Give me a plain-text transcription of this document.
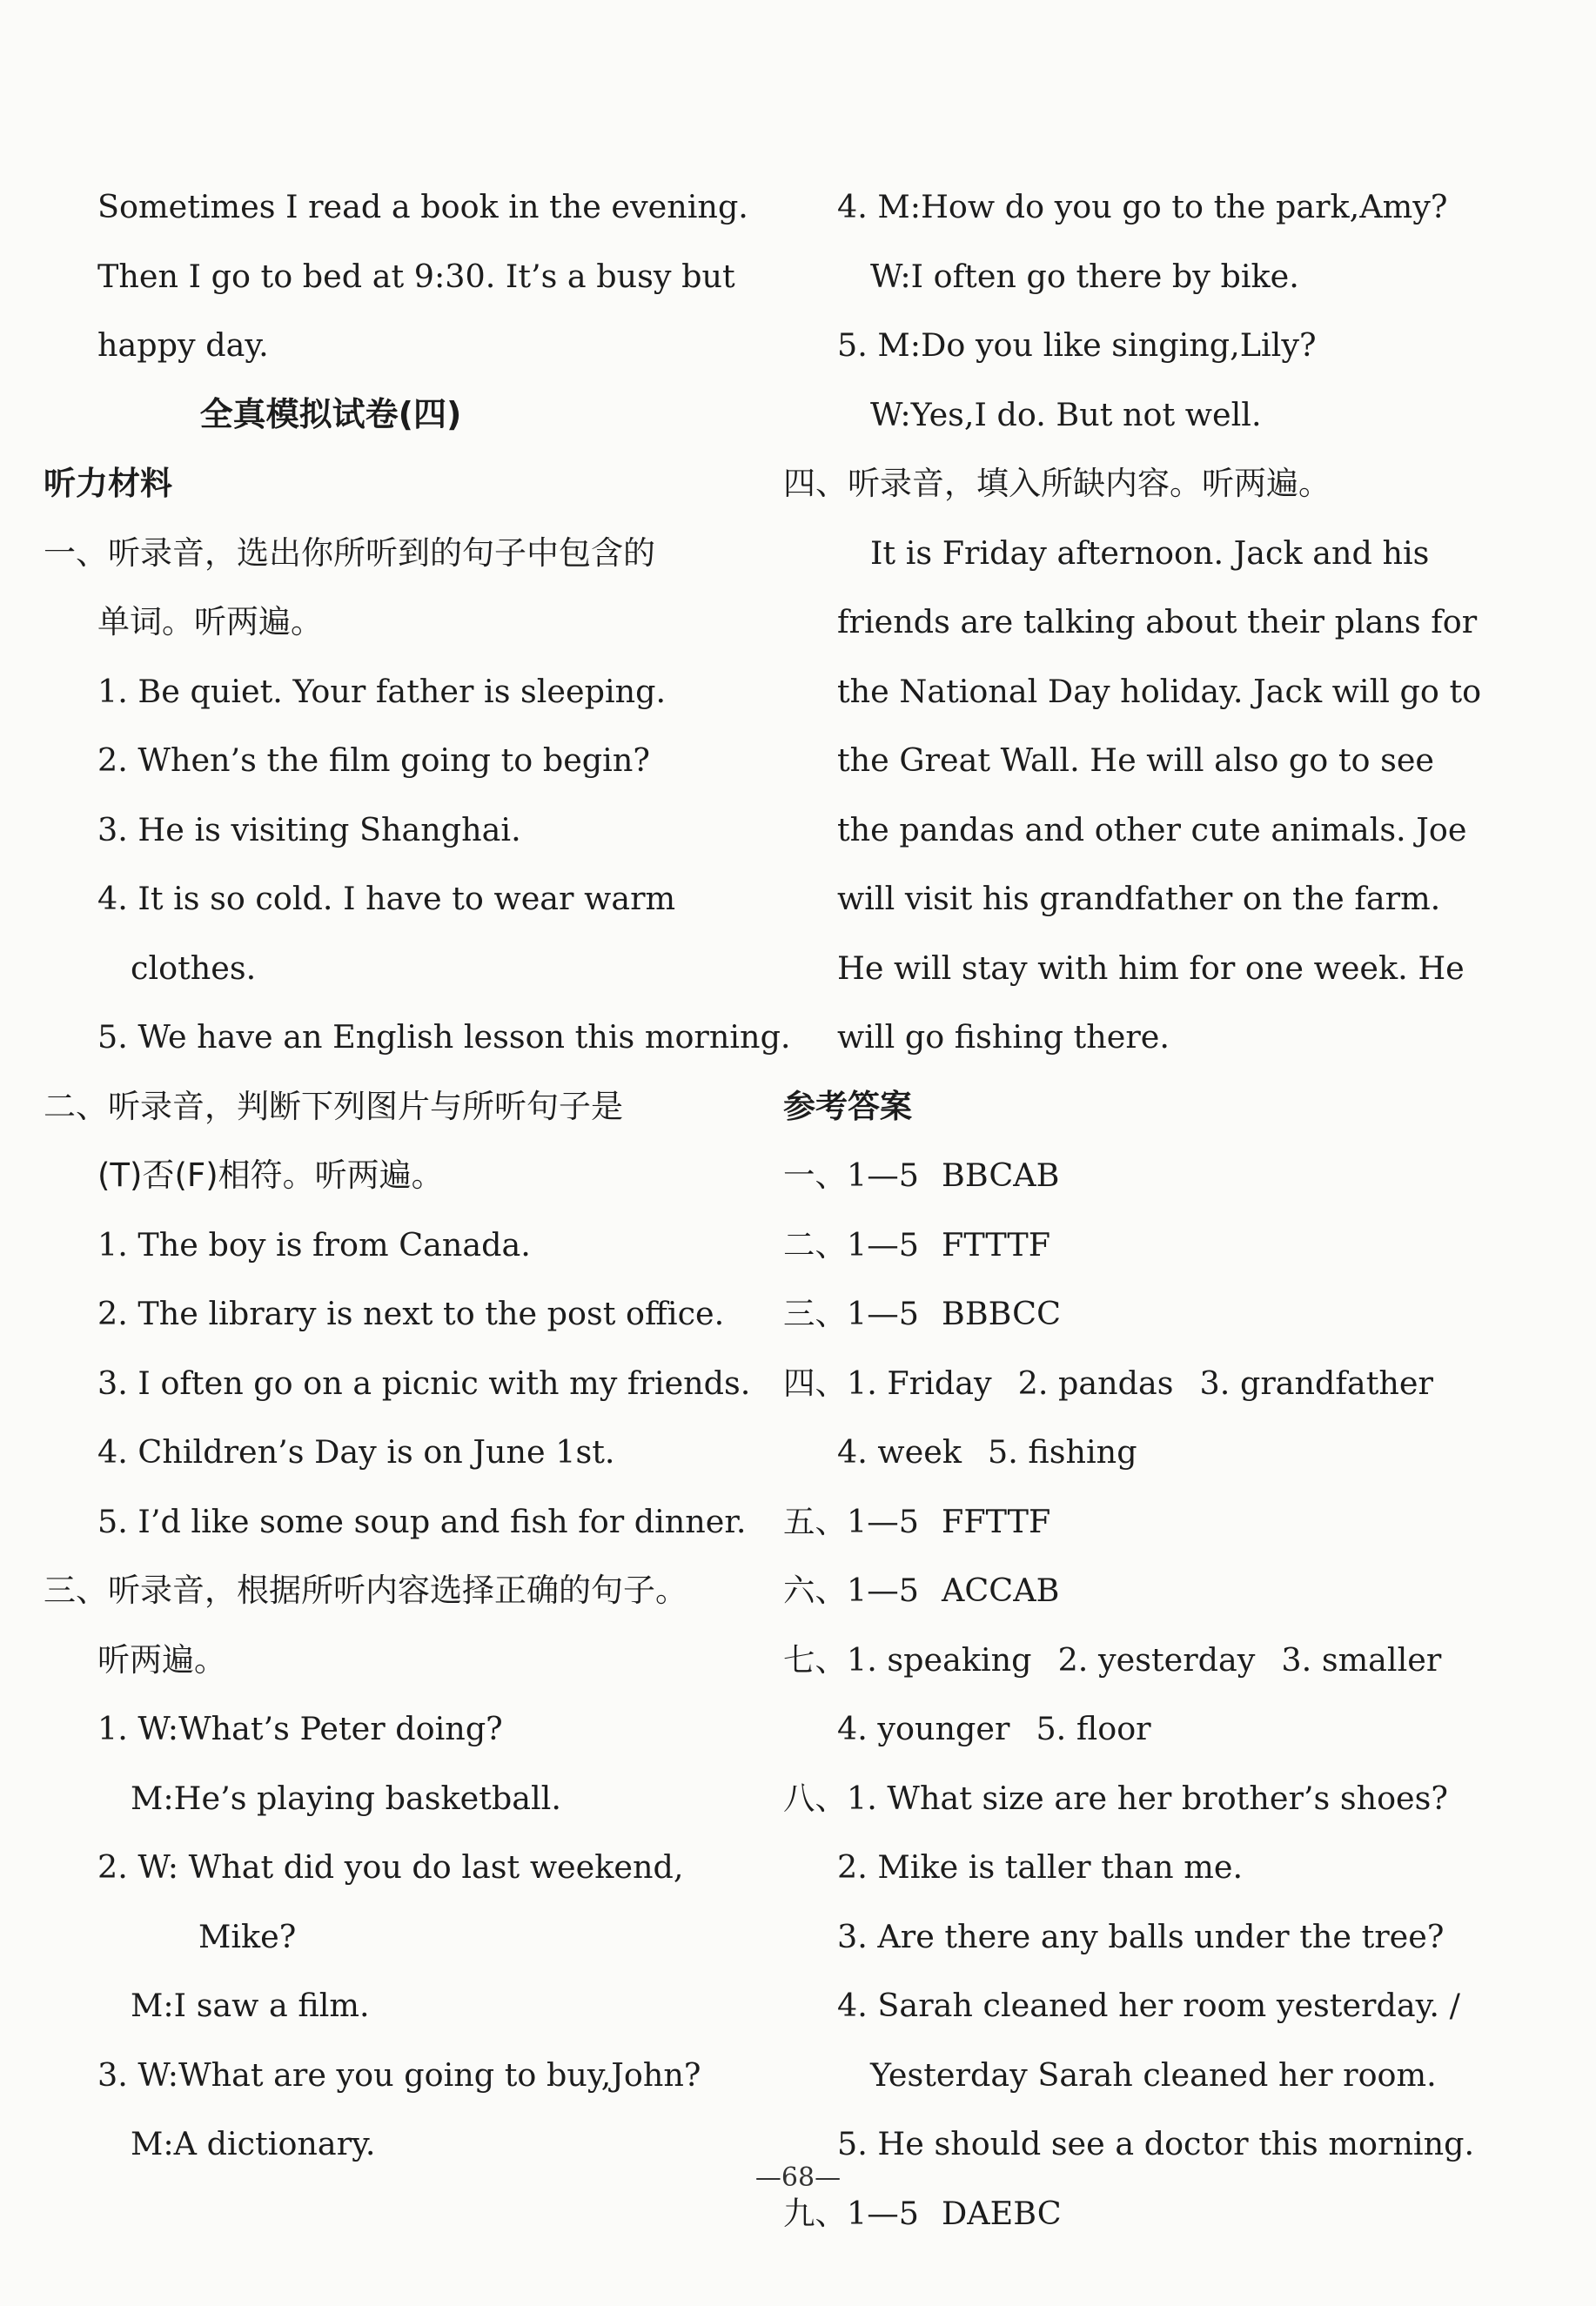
Sometimes I read a book in the evening.
Then I go to bed at 9:30. It’s a busy but
happy day.
全真模拟试卷(四)
听力材料
一、听录音，选出你所听到的句子中包含的
单词。听两遍。
1. Be quiet. Your father is sleeping.
2. When’s the film going to begin?
3. He is visiting Shanghai.
4. It is so cold. I have to wear warm
clothes.
5. We have an English lesson this morning.
二、听录音，判断下列图片与所听句子是
(T)否(F)相符。听两遍。
1. The boy is from Canada.
2. The library is next to the post office.
3. I often go on a picnic with my friends.
4. Children’s Day is on June 1st.
5. I’d like some soup and fish for dinner.
三、听录音，根据所听内容选择正确的句子。
听两遍。
1. W:What’s Peter doing?
M:He’s playing basketball.
2. W: What did you do last weekend,
Mike?
M:I saw a film.
3. W:What are you going to buy,John?
M:A dictionary.
4. M:How do you go to the park,Amy?
W:I often go there by bike.
5. M:Do you like singing,Lily?
W:Yes,I do. But not well.
四、听录音，填入所缺内容。听两遍。
It is Friday afternoon. Jack and his
friends are talking about their plans for
the National Day holiday. Jack will go to
the Great Wall. He will also go to see
the pandas and other cute animals. Joe
will visit his grandfather on the farm.
He will stay with him for one week. He
will go fishing there.
参考答案
一、1—5 BBCAB
二、1—5 FTTTF
三、1—5 BBBCC
四、1. Friday 2. pandas 3. grandfather
4. week 5. fishing
五、1—5 FFTTF
六、1—5 ACCAB
七、1. speaking 2. yesterday 3. smaller
4. younger 5. floor
八、1. What size are her brother’s shoes?
2. Mike is taller than me.
3. Are there any balls under the tree?
4. Sarah cleaned her room yesterday. /
Yesterday Sarah cleaned her room.
5. He should see a doctor this morning.
九、1—5 DAEBC
—68—
